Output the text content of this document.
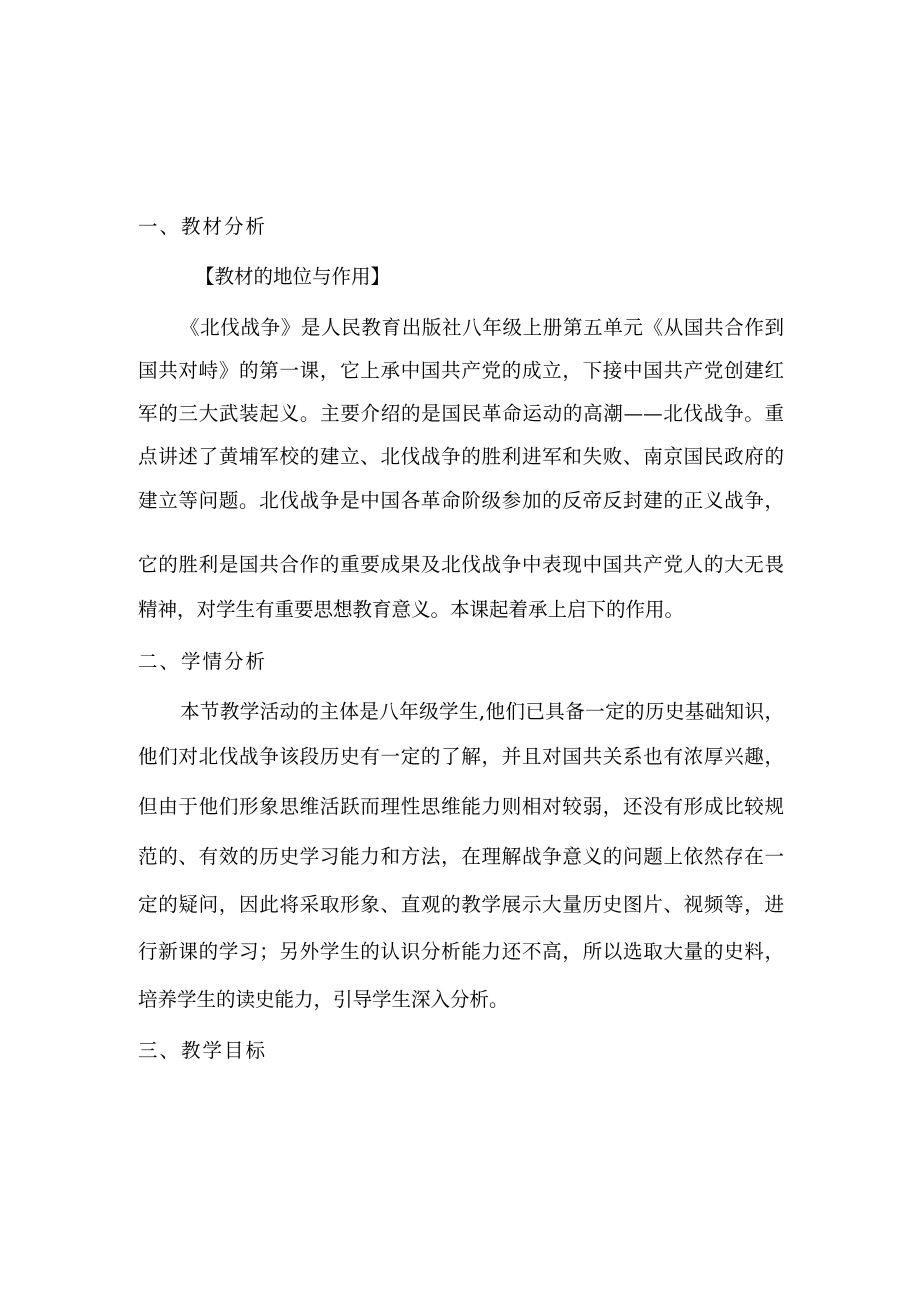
一、教材分析
【教材的地位与作用】
《北伐战争》是人民教育出版社八年级上册第五单元《从国共合作到
国共对峙》的第一课，它上承中国共产党的成立，下接中国共产党创建红
军的三大武装起义。主要介绍的是国民革命运动的高潮——北伐战争。重
点讲述了黄埔军校的建立、北伐战争的胜利进军和失败、南京国民政府的
建立等问题。北伐战争是中国各革命阶级参加的反帝反封建的正义战争，
它的胜利是国共合作的重要成果及北伐战争中表现中国共产党人的大无畏
精神，对学生有重要思想教育意义。本课起着承上启下的作用。
二、学情分析
本节教学活动的主体是八年级学生,他们已具备一定的历史基础知识，
他们对北伐战争该段历史有一定的了解，并且对国共关系也有浓厚兴趣，
但由于他们形象思维活跃而理性思维能力则相对较弱，还没有形成比较规
范的、有效的历史学习能力和方法，在理解战争意义的问题上依然存在一
定的疑问，因此将采取形象、直观的教学展示大量历史图片、视频等，进
行新课的学习；另外学生的认识分析能力还不高，所以选取大量的史料，
培养学生的读史能力，引导学生深入分析。
三、教学目标
